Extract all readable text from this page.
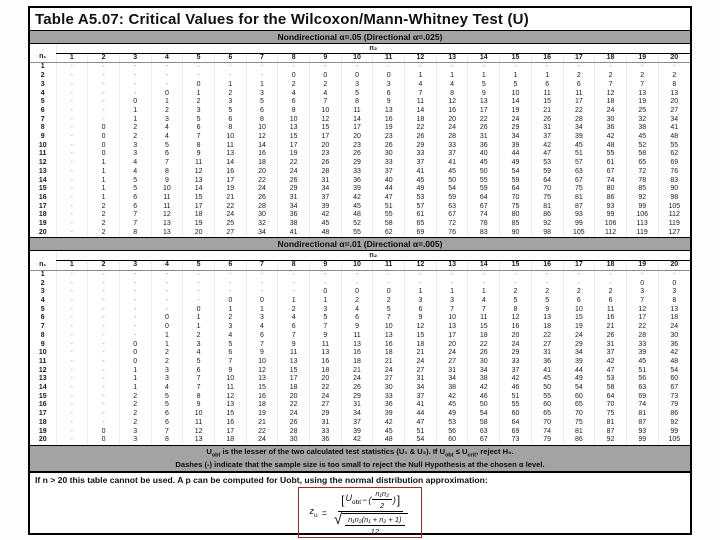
Table A5.07: Critical Values for the Wilcoxon/Mann-Whitney Test (U)
Nondirectional α=.05 (Directional α=.025)
	n₂																			
n₁	1	2	3	4	5	6	7	8	9	10	11	12	13	14	15	16	17	18	19	20
1	-	-	-	-	-	-	-	-	-	-	-	-	-	-	-	-	-	-	-	-
2	-	-	-	-	-	-	-	0	0	0	0	1	1	1	1	1	2	2	2	2
3	-	-	-	-	0	1	1	2	2	3	3	4	4	5	5	6	6	7	7	8
4	-	-	-	0	1	2	3	4	4	5	6	7	8	9	10	11	11	12	13	13
5	-	-	0	1	2	3	5	6	7	8	9	11	12	13	14	15	17	18	19	20
6	-	-	1	2	3	5	6	8	10	11	13	14	16	17	19	21	22	24	25	27
7	-	-	1	3	5	6	8	10	12	14	16	18	20	22	24	26	28	30	32	34
8	-	0	2	4	6	8	10	13	15	17	19	22	24	26	29	31	34	36	38	41
9	-	0	2	4	7	10	12	15	17	20	23	26	28	31	34	37	39	42	45	48
10	-	0	3	5	8	11	14	17	20	23	26	29	33	36	39	42	45	48	52	55
11	-	0	3	6	9	13	16	19	23	26	30	33	37	40	44	47	51	55	58	62
12	-	1	4	7	11	14	18	22	26	29	33	37	41	45	49	53	57	61	65	69
13	-	1	4	8	12	16	20	24	28	33	37	41	45	50	54	59	63	67	72	76
14	-	1	5	9	13	17	22	26	31	36	40	45	50	55	59	64	67	74	78	83
15	-	1	5	10	14	19	24	29	34	39	44	49	54	59	64	70	75	80	85	90
16	-	1	6	11	15	21	26	31	37	42	47	53	59	64	70	75	81	86	92	98
17	-	2	6	11	17	22	28	34	39	45	51	57	63	67	75	81	87	93	99	105
18	-	2	7	12	18	24	30	36	42	48	55	61	67	74	80	86	93	99	106	112
19	-	2	7	13	19	25	32	38	45	52	58	65	72	78	85	92	99	106	113	119
20	-	2	8	13	20	27	34	41	48	55	62	69	76	83	90	98	105	112	119	127
Nondirectional α=.01 (Directional α=.005)
	n₂																			
n₁	1	2	3	4	5	6	7	8	9	10	11	12	13	14	15	16	17	18	19	20
1	-	-	-	-	-	-	-	-	-	-	-	-	-	-	-	-	-	-	-	-
2	-	-	-	-	-	-	-	-	-	-	-	-	-	-	-	-	-	-	0	0
3	-	-	-	-	-	-	-	-	0	0	0	1	1	1	2	2	2	2	3	3
4	-	-	-	-	-	0	0	1	1	2	2	3	3	4	5	5	6	6	7	8
5	-	-	-	-	0	1	1	2	3	4	5	6	7	7	8	9	10	11	12	13
6	-	-	-	0	1	2	3	4	5	6	7	9	10	11	12	13	15	16	17	18
7	-	-	-	0	1	3	4	6	7	9	10	12	13	15	16	18	19	21	22	24
8	-	-	-	1	2	4	6	7	9	11	13	15	17	18	20	22	24	26	28	30
9	-	-	0	1	3	5	7	9	11	13	16	18	20	22	24	27	29	31	33	36
10	-	-	0	2	4	6	9	11	13	16	18	21	24	26	29	31	34	37	39	42
11	-	-	0	2	5	7	10	13	16	18	21	24	27	30	33	36	39	42	45	48
12	-	-	1	3	6	9	12	15	18	21	24	27	31	34	37	41	44	47	51	54
13	-	-	1	3	7	10	13	17	20	24	27	31	34	38	42	45	49	53	56	60
14	-	-	1	4	7	11	15	18	22	26	30	34	38	42	46	50	54	58	63	67
15	-	-	2	5	8	12	16	20	24	29	33	37	42	46	51	55	60	64	69	73
16	-	-	2	5	9	13	18	22	27	31	36	41	45	50	55	60	65	70	74	79
17	-	-	2	6	10	15	19	24	29	34	39	44	49	54	60	65	70	75	81	86
18	-	-	2	6	11	16	21	26	31	37	42	47	53	58	64	70	75	81	87	92
19	-	0	3	7	12	17	22	28	33	39	45	51	56	63	69	74	81	87	93	99
20	-	0	3	8	13	18	24	30	36	42	48	54	60	67	73	79	86	92	99	105
$U_{obt}$ is the lesser of the two calculated test statistics (U₁ & U₂). If $U_{obt} \le U_{crit}$, reject H₀.
Dashes (-) indicate that the sample size is too small to reject the Null Hypothesis at the chosen α level.
If n > 20 this table cannot be used. A p can be computed for Uobt, using the normal distribution approximation:
$z_u$ =
[ $U_{obt}$ − ( $\frac{\text{n₁n₂}}{2}$ ) ]
√ $\frac{\text{n₁n₂(n₁ + n₂ + 1)}}{12}$
